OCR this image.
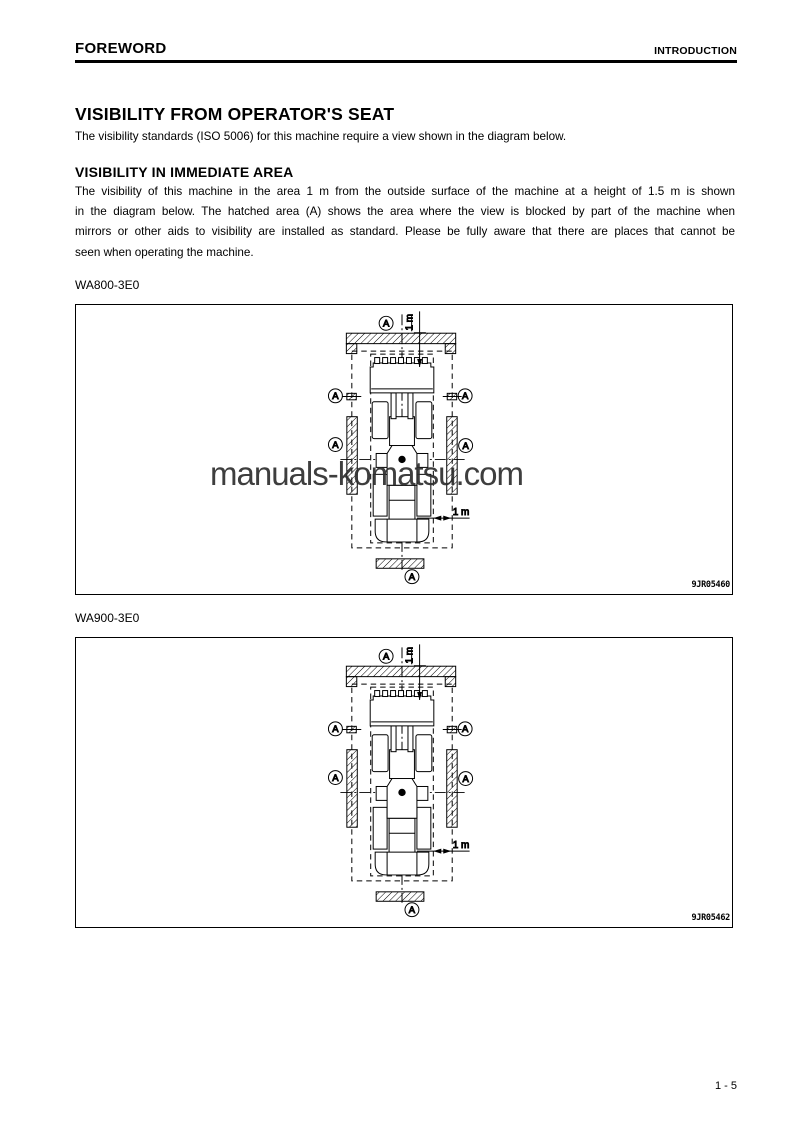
FOREWORD	INTRODUCTION
VISIBILITY FROM OPERATOR'S SEAT
The visibility standards (ISO 5006) for this machine require a view shown in the diagram below.
VISIBILITY IN IMMEDIATE AREA
The visibility of this machine in the area 1 m from the outside surface of the machine at a height of 1.5 m is shown
in the diagram below. The hatched area (A) shows the area where the view is blocked by part of the machine when
mirrors or other aids to visibility are installed as standard. Please be fully aware that there are places that cannot be
seen when operating the machine.
WA800-3E0
manuals-komatsu.com
9JR05460
WA900-3E0
9JR05462
1 - 5
